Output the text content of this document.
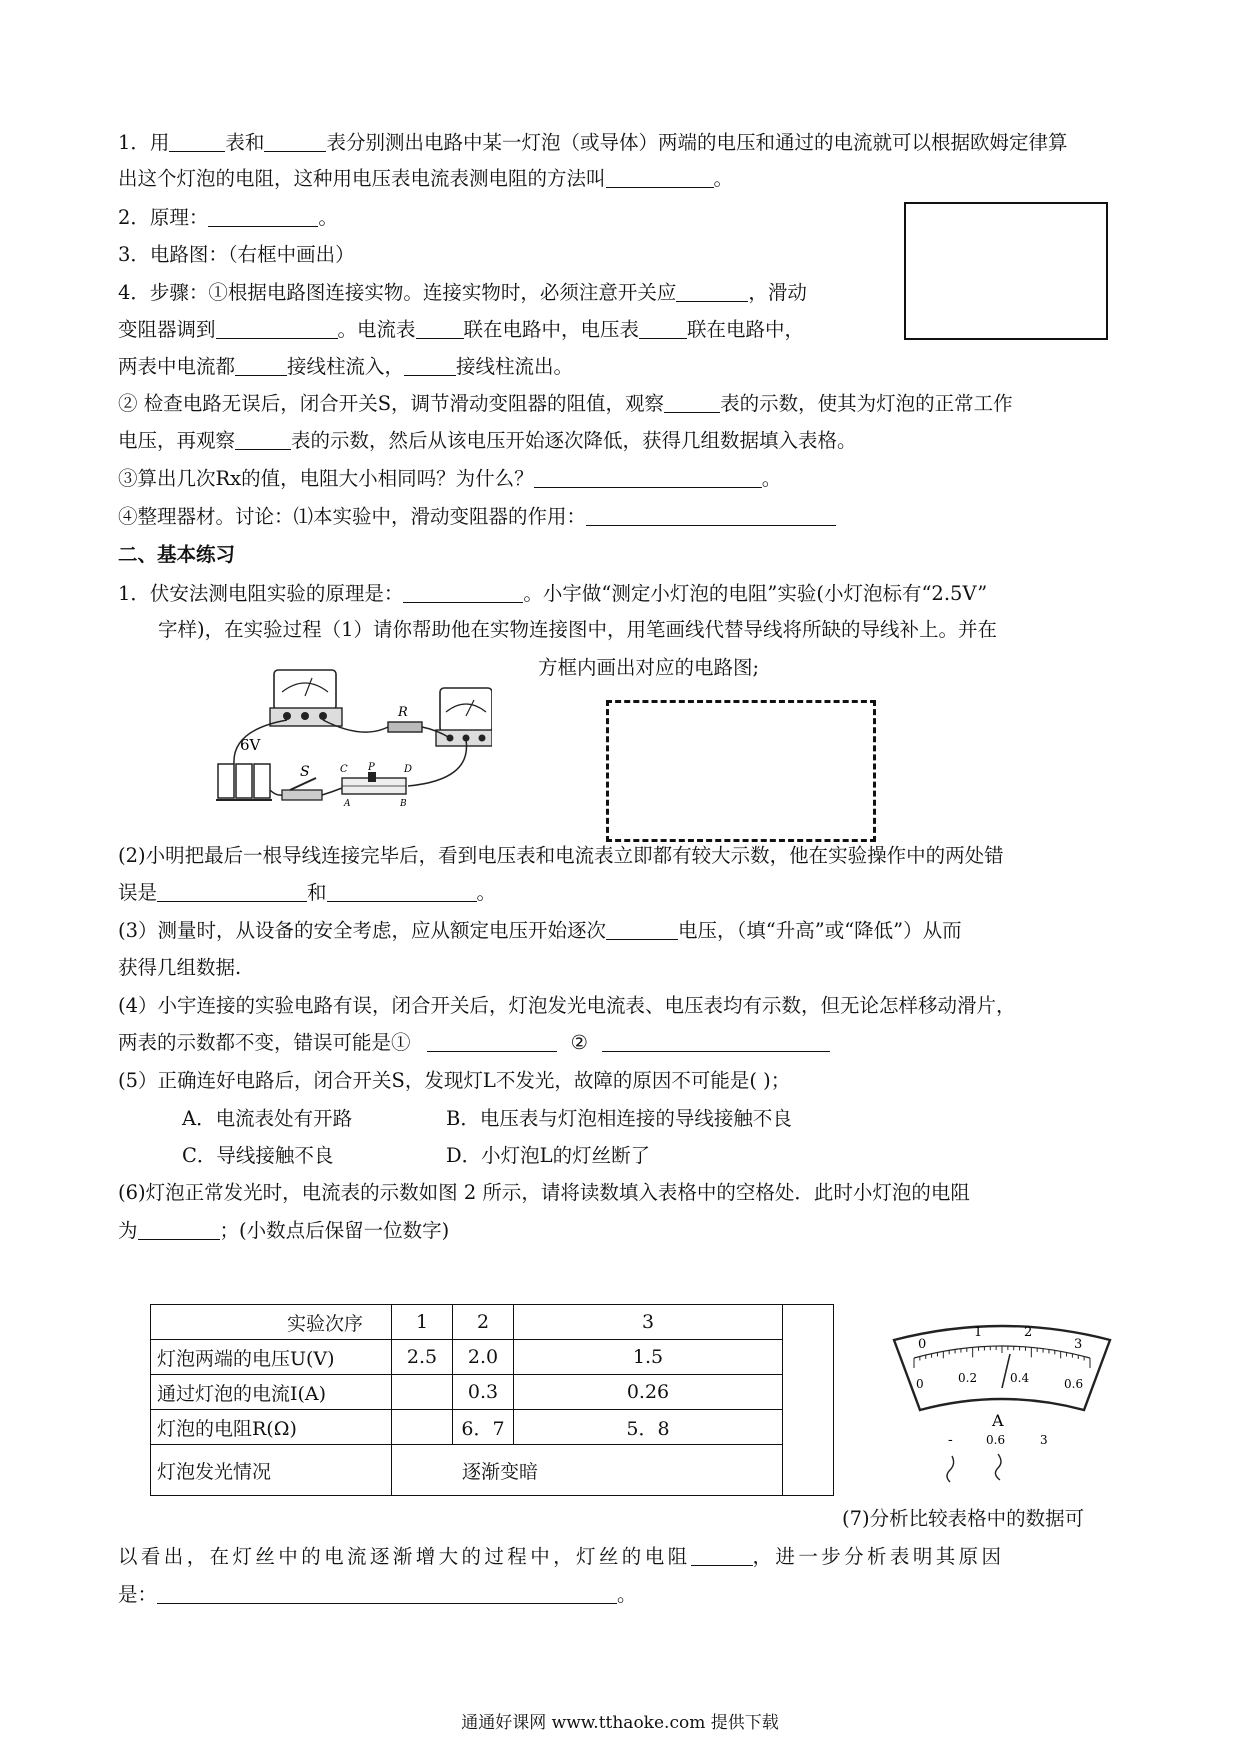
1．用	表和	表分别测出电路中某一灯泡（或导体）两端的电压和通过的电流就可以根据欧姆定律算
出这个灯泡的电阻，这种用电压表电流表测电阻的方法叫	。
2．原理：	。
3．电路图：（右框中画出）
4．步骤：①根据电路图连接实物。连接实物时，必须注意开关应	，滑动
变阻器调到	。电流表 联在电路中，电压表 联在电路中，
两表中电流都	接线柱流入，	接线柱流出。
② 检查电路无误后，闭合开关S，调节滑动变阻器的阻值，观察	表的示数，使其为灯泡的正常工作
电压，再观察	表的示数，然后从该电压开始逐次降低，获得几组数据填入表格。
③算出几次Rx的值，电阻大小相同吗？为什么？	。
④整理器材。讨论：⑴本实验中，滑动变阻器的作用：
二、基本练习
1．伏安法测电阻实验的原理是：	。小宇做“测定小灯泡的电阻”实验(小灯泡标有“2.5V”
字样)，在实验过程（1）请你帮助他在实物连接图中，用笔画线代替导线将所缺的导线补上。并在
方框内画出对应的电路图;
R
6V
S	C P	D
A	B
(2)小明把最后一根导线连接完毕后，看到电压表和电流表立即都有较大示数，他在实验操作中的两处错
误是	和	。
(3）测量时，从设备的安全考虑，应从额定电压开始逐次	电压，（填“升高”或“降低”）从而
获得几组数据.
(4）小宇连接的实验电路有误，闭合开关后，灯泡发光电流表、电压表均有示数，但无论怎样移动滑片，
两表的示数都不变，错误可能是①	②
(5）正确连好电路后，闭合开关S，发现灯L不发光，故障的原因不可能是( )；
A．电流表处有开路	B．电压表与灯泡相连接的导线接触不良
C．导线接触不良	D．小灯泡L的灯丝断了
(6)灯泡正常发光时，电流表的示数如图 2 所示，请将读数填入表格中的空格处．此时小灯泡的电阻
为	；(小数点后保留一位数字)
实验次序	1	2	3	
灯泡两端的电压U(V)	2.5	2.0	1.5	
通过灯泡的电流I(A)		0.3	0.26	
灯泡的电阻R(Ω)		6．7	5．8	
灯泡发光情况	逐渐变暗			
0
1	2
3
0	0.2	0.4	0.6
A
-	0.6	3
(7)分析比较表格中的数据可
以看出，在灯丝中的电流逐渐增大的过程中，灯丝的电阻	，进一步分析表明其原因
是：	。
通通好课网 www.tthaoke.com 提供下载
